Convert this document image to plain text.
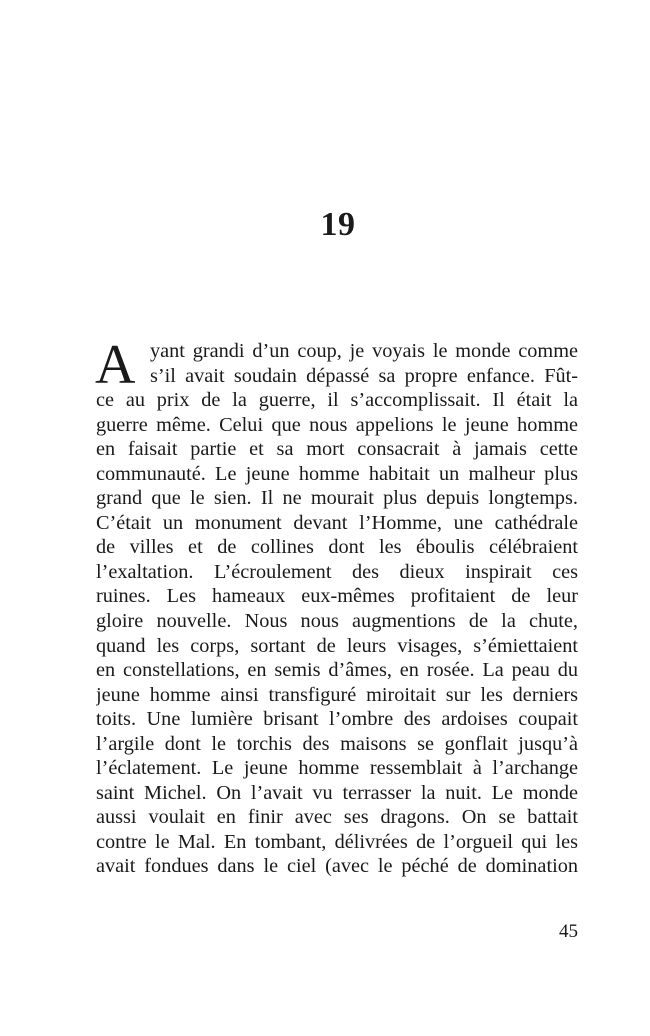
19
A yant grandi d’un coup, je voyais le monde comme
s’il avait soudain dépassé sa propre enfance. Fût-
ce au prix de la guerre, il s’accomplissait. Il était la
guerre même. Celui que nous appelions le jeune homme
en faisait partie et sa mort consacrait à jamais cette
communauté. Le jeune homme habitait un malheur plus
grand que le sien. Il ne mourait plus depuis longtemps.
C’était un monument devant l’Homme, une cathédrale
de villes et de collines dont les éboulis célébraient
l’exaltation. L’écroulement des dieux inspirait ces
ruines. Les hameaux eux-mêmes profitaient de leur
gloire nouvelle. Nous nous augmentions de la chute,
quand les corps, sortant de leurs visages, s’émiettaient
en constellations, en semis d’âmes, en rosée. La peau du
jeune homme ainsi transfiguré miroitait sur les derniers
toits. Une lumière brisant l’ombre des ardoises coupait
l’argile dont le torchis des maisons se gonflait jusqu’à
l’éclatement. Le jeune homme ressemblait à l’archange
saint Michel. On l’avait vu terrasser la nuit. Le monde
aussi voulait en finir avec ses dragons. On se battait
contre le Mal. En tombant, délivrées de l’orgueil qui les
avait fondues dans le ciel (avec le péché de domination
45
